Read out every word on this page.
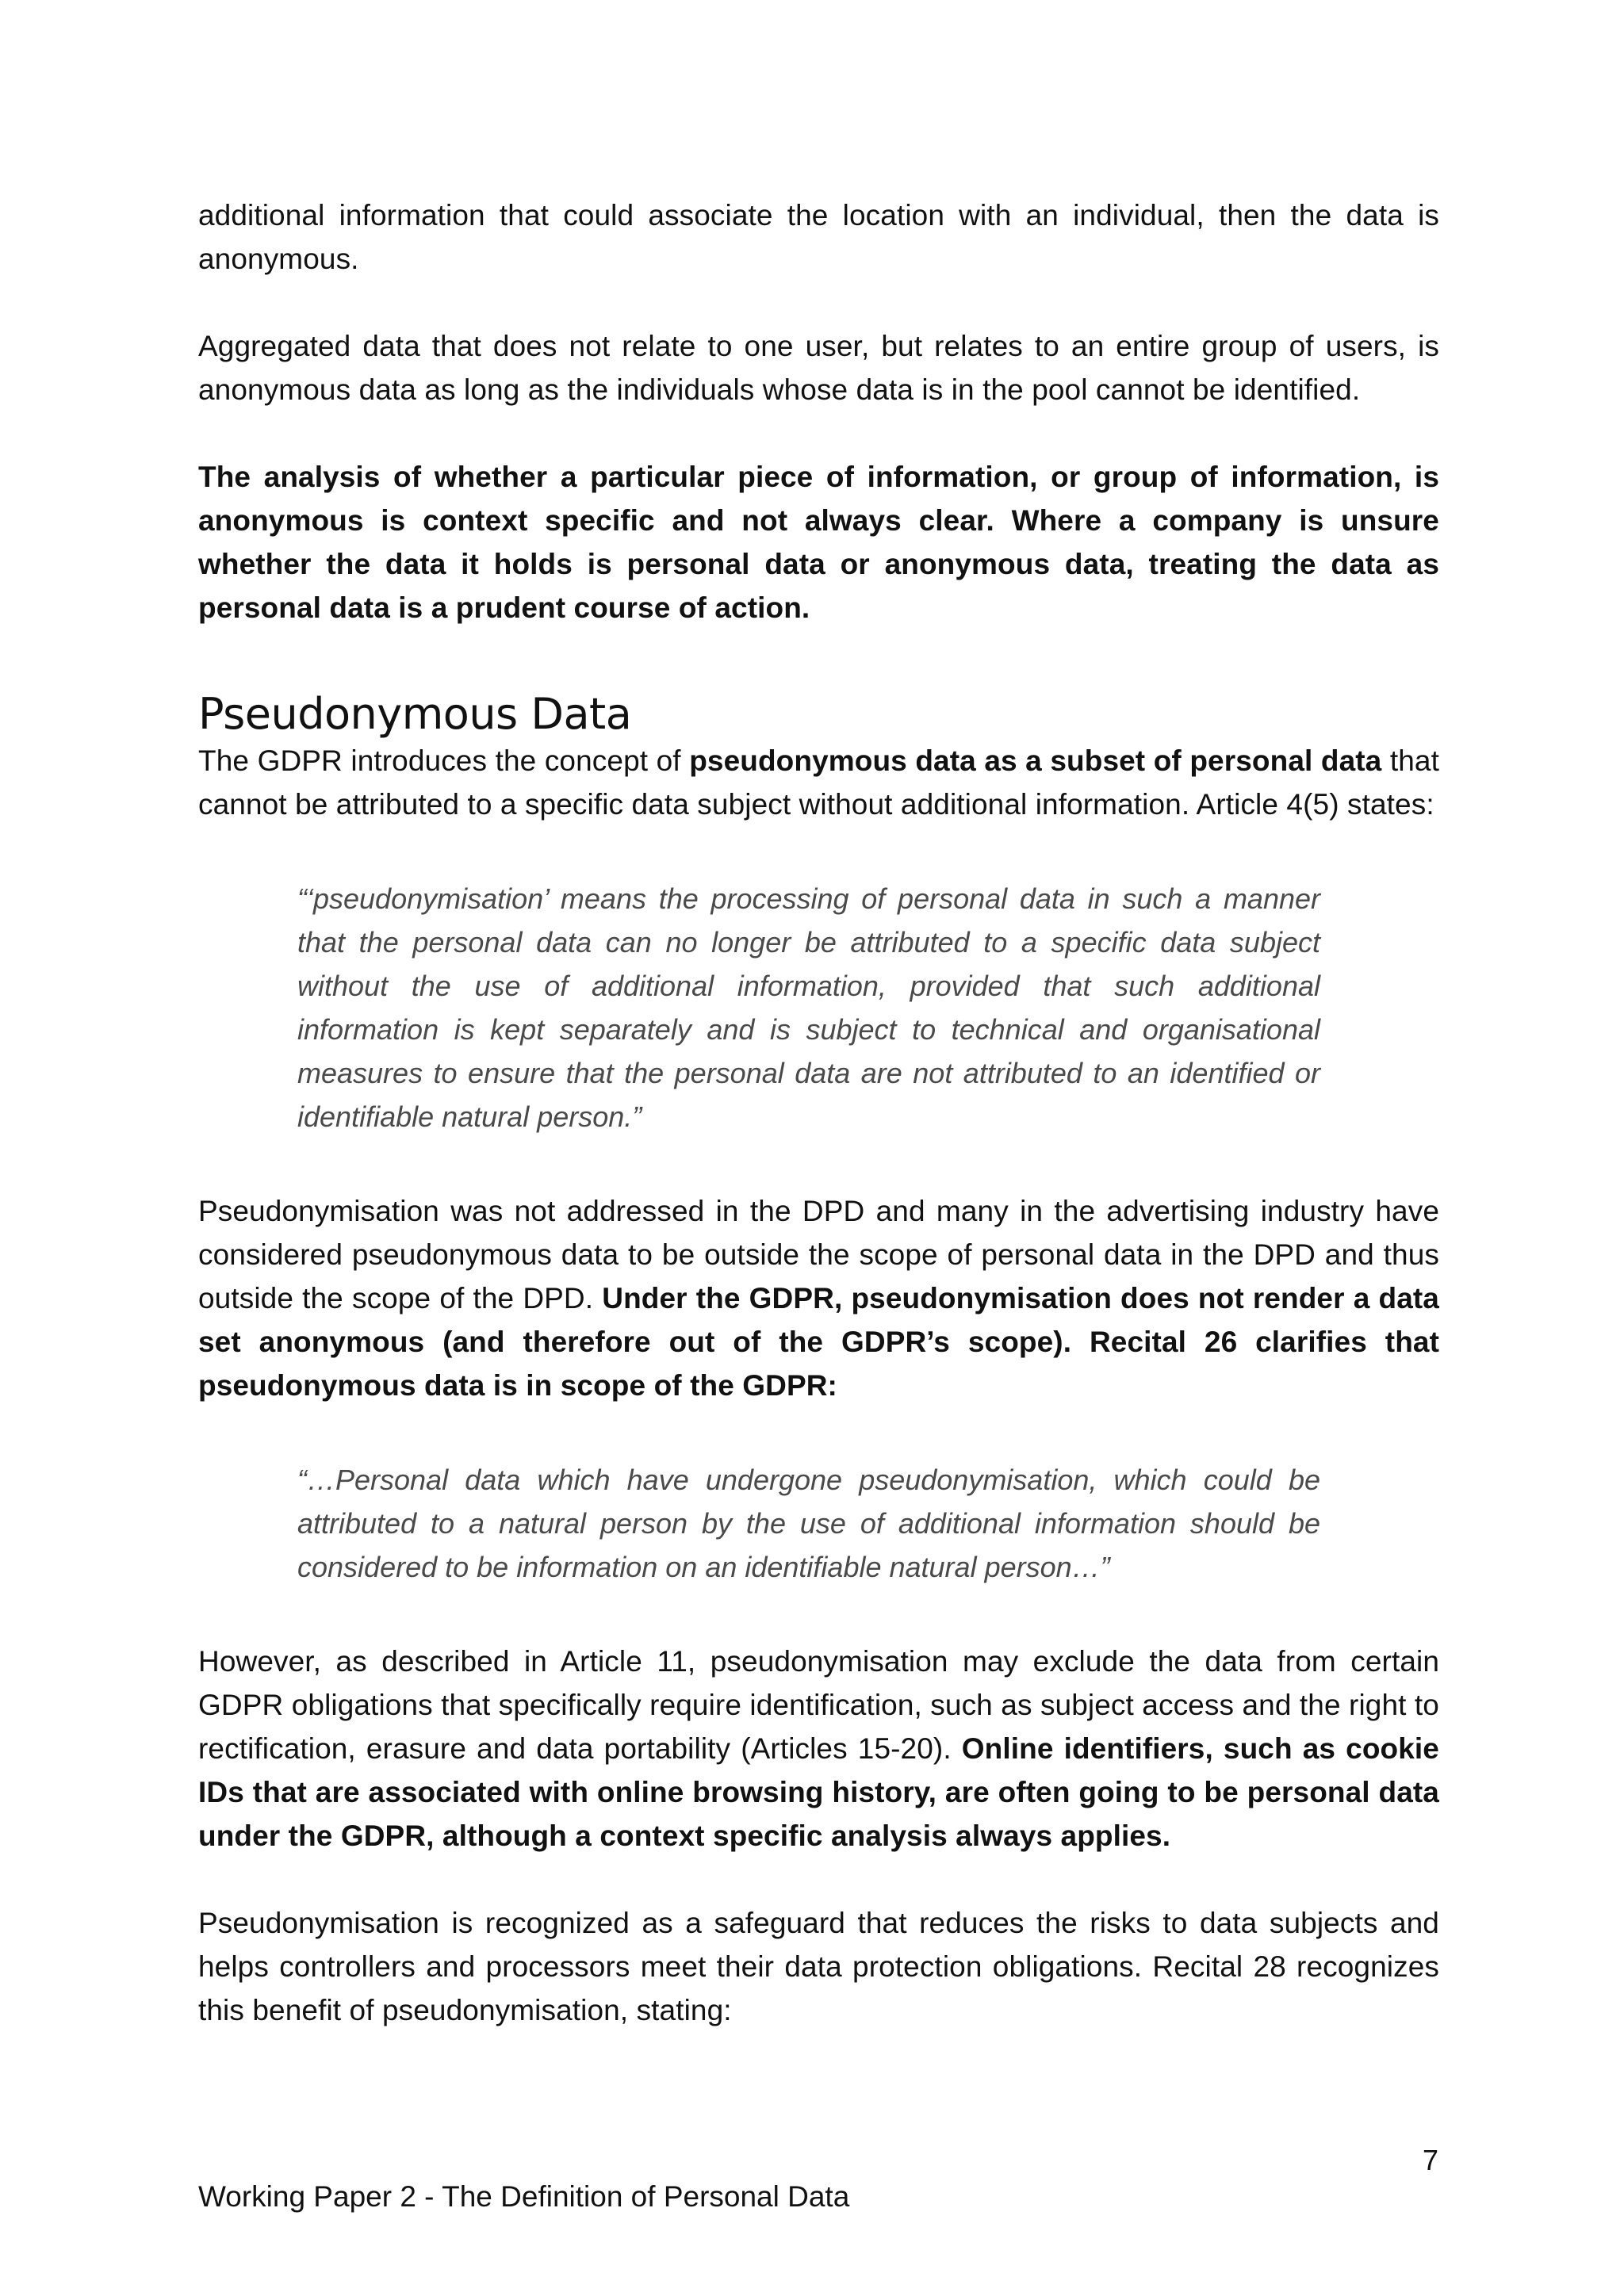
additional information that could associate the location with an individual, then the data is anonymous.

Aggregated data that does not relate to one user, but relates to an entire group of users, is anonymous data as long as the individuals whose data is in the pool cannot be identified.

The analysis of whether a particular piece of information, or group of information, is anonymous is context specific and not always clear. Where a company is unsure whether the data it holds is personal data or anonymous data, treating the data as personal data is a prudent course of action.

Pseudonymous Data

The GDPR introduces the concept of pseudonymous data as a subset of personal data that cannot be attributed to a specific data subject without additional information. Article 4(5) states:

“‘pseudonymisation’ means the processing of personal data in such a manner that the personal data can no longer be attributed to a specific data subject without the use of additional information, provided that such additional information is kept separately and is subject to technical and organisational measures to ensure that the personal data are not attributed to an identified or identifiable natural person.”

Pseudonymisation was not addressed in the DPD and many in the advertising industry have considered pseudonymous data to be outside the scope of personal data in the DPD and thus outside the scope of the DPD. Under the GDPR, pseudonymisation does not render a data set anonymous (and therefore out of the GDPR’s scope). Recital 26 clarifies that pseudonymous data is in scope of the GDPR:

“…Personal data which have undergone pseudonymisation, which could be attributed to a natural person by the use of additional information should be considered to be information on an identifiable natural person…”

However, as described in Article 11, pseudonymisation may exclude the data from certain GDPR obligations that specifically require identification, such as subject access and the right to rectification, erasure and data portability (Articles 15-20). Online identifiers, such as cookie IDs that are associated with online browsing history, are often going to be personal data under the GDPR, although a context specific analysis always applies.

Pseudonymisation is recognized as a safeguard that reduces the risks to data subjects and helps controllers and processors meet their data protection obligations. Recital 28 recognizes this benefit of pseudonymisation, stating:

7
Working Paper 2 - The Definition of Personal Data
